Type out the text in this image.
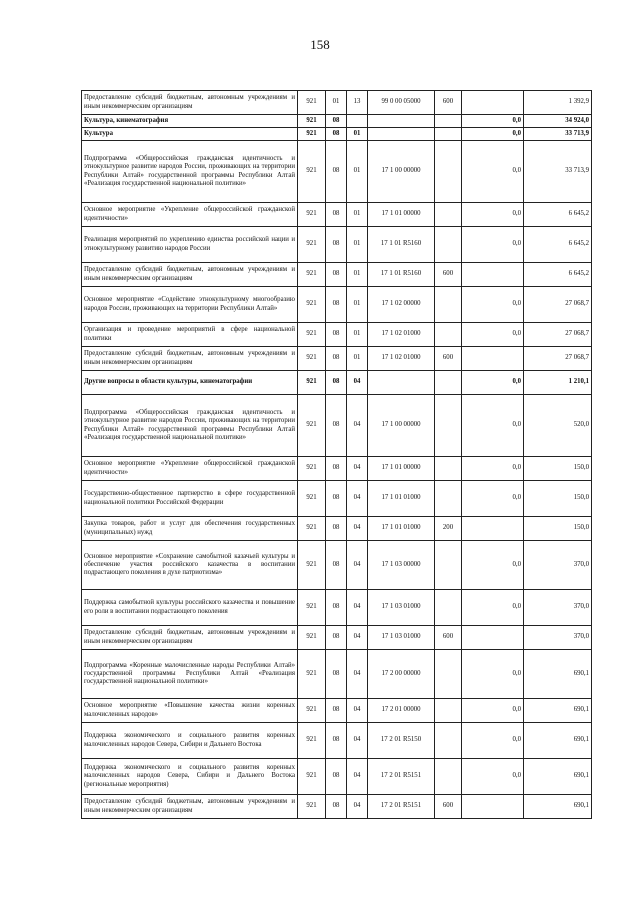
158
Предоставление субсидий бюджетным, автономным учреждениям и иным некоммерческим организациям	921	01	13	99 0 00 05000	600		1 392,9
Культура, кинематография	921	08				0,0	34 924,0
Культура	921	08	01			0,0	33 713,9
Подпрограмма «Общероссийская гражданская идентичность и этнокультурное развитие народов России, проживающих на территории Республики Алтай» государственной программы Республики Алтай «Реализация государственной национальной политики»	921	08	01	17 1 00 00000		0,0	33 713,9
Основное мероприятие «Укрепление общероссийской гражданской идентичности»	921	08	01	17 1 01 00000		0,0	6 645,2
Реализация мероприятий по укреплению единства российской нации и этнокультурному развитию народов России	921	08	01	17 1 01 R5160		0,0	6 645,2
Предоставление субсидий бюджетным, автономным учреждениям и иным некоммерческим организациям	921	08	01	17 1 01 R5160	600		6 645,2
Основное мероприятие «Содействие этнокультурному многообразию народов России, проживающих на территории Республики Алтай»	921	08	01	17 1 02 00000		0,0	27 068,7
Организация и проведение мероприятий в сфере национальной политики	921	08	01	17 1 02 01000		0,0	27 068,7
Предоставление субсидий бюджетным, автономным учреждениям и иным некоммерческим организациям	921	08	01	17 1 02 01000	600		27 068,7
Другие вопросы в области культуры, кинематографии	921	08	04			0,0	1 210,1
Подпрограмма «Общероссийская гражданская идентичность и этнокультурное развитие народов России, проживающих на территории Республики Алтай» государственной программы Республики Алтай «Реализация государственной национальной политики»	921	08	04	17 1 00 00000		0,0	520,0
Основное мероприятие «Укрепление общероссийской гражданской идентичности»	921	08	04	17 1 01 00000		0,0	150,0
Государственно-общественное партнерство в сфере государственной национальной политики Российской Федерации	921	08	04	17 1 01 01000		0,0	150,0
Закупка товаров, работ и услуг для обеспечения государственных (муниципальных) нужд	921	08	04	17 1 01 01000	200		150,0
Основное мероприятие «Сохранение самобытной казачьей культуры и обеспечение участия российского казачества в воспитании подрастающего поколения в духе патриотизма»	921	08	04	17 1 03 00000		0,0	370,0
Поддержка самобытной культуры российского казачества и повышение его роли в воспитании подрастающего поколения	921	08	04	17 1 03 01000		0,0	370,0
Предоставление субсидий бюджетным, автономным учреждениям и иным некоммерческим организациям	921	08	04	17 1 03 01000	600		370,0
Подпрограмма «Коренные малочисленные народы Республики Алтай» государственной программы Республики Алтай «Реализация государственной национальной политики»	921	08	04	17 2 00 00000		0,0	690,1
Основное мероприятие «Повышение качества жизни коренных малочисленных народов»	921	08	04	17 2 01 00000		0,0	690,1
Поддержка экономического и социального развития коренных малочисленных народов Севера, Сибири и Дальнего Востока	921	08	04	17 2 01 R5150		0,0	690,1
Поддержка экономического и социального развития коренных малочисленных народов Севера, Сибири и Дальнего Востока (региональные мероприятия)	921	08	04	17 2 01 R5151		0,0	690,1
Предоставление субсидий бюджетным, автономным учреждениям и иным некоммерческим организациям	921	08	04	17 2 01 R5151	600		690,1
